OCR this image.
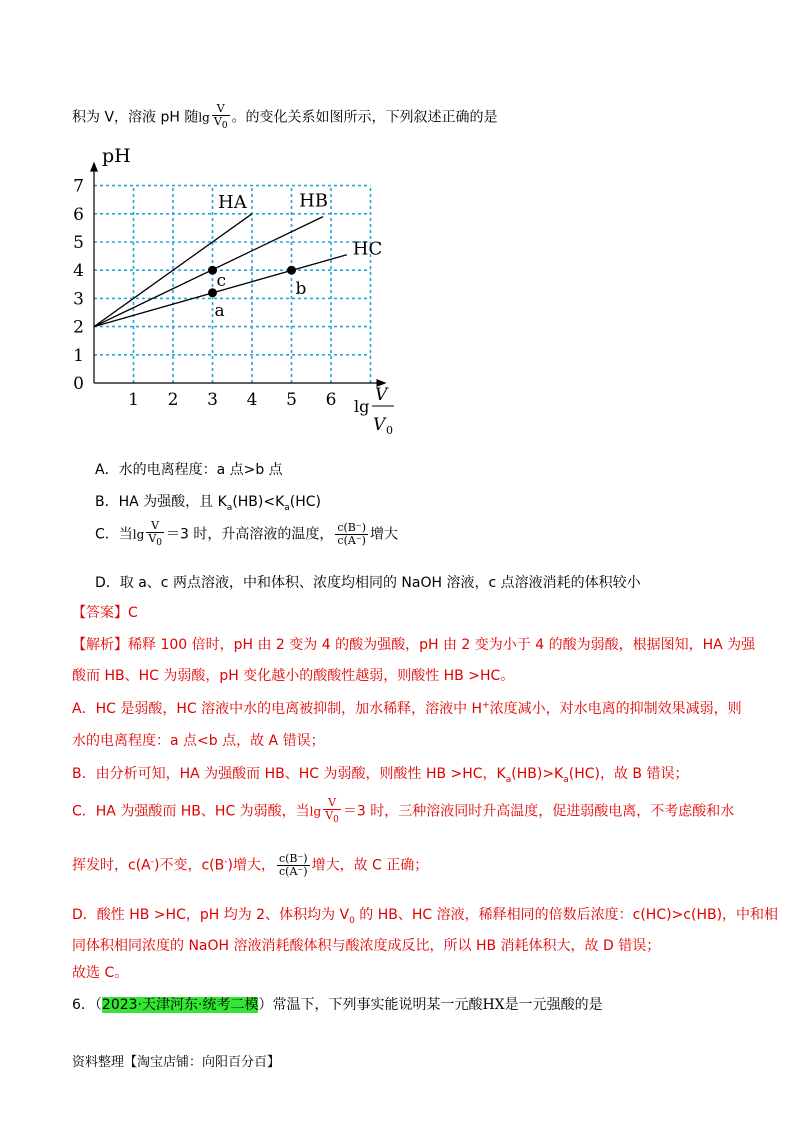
积为 V，溶液 pH 随$\lg \frac{V}{V_0}$ 。的变化关系如图所示，下列叙述正确的是
HA	HB
HC
c
a
b
1 2 3 4 5 6
0
1
2
3
4
5
6
7
pH
lg
V
V 0
A．水的电离程度：a 点>b 点
B．HA 为强酸，且 $K_a(HB)<K_a(HC)$
C．当$\lg \frac{V}{V_0} =3$ 时，升高溶液的温度， $\frac{c(B^-)}{c(A^-)}$ 增大
D．取 a、c 两点溶液，中和体积、浓度均相同的 NaOH 溶液，c 点溶液消耗的体积较小
【答案】C
【解析】稀释 100 倍时，pH 由 2 变为 4 的酸为强酸，pH 由 2 变为小于 4 的酸为弱酸，根据图知，HA 为强
酸而 HB、HC 为弱酸，pH 变化越小的酸酸性越弱，则酸性 HB >HC。
A．HC 是弱酸，HC 溶液中水的电离被抑制，加水稀释，溶液中 H+浓度减小，对水电离的抑制效果减弱，则
水的电离程度：a 点<b 点，故 A 错误；
B．由分析可知，HA 为强酸而 HB、HC 为弱酸，则酸性 HB >HC，$K_a(HB)>K_a(HC)$，故 B 错误；
C．HA 为强酸而 HB、HC 为弱酸，当$\lg \frac{V}{V_0} =3$ 时，三种溶液同时升高温度，促进弱酸电离，不考虑酸和水
挥发时，c(A-)不变，c(B-)增大， $\frac{c(B^-)}{c(A^-)}$ 增大，故 C 正确；
D．酸性 HB >HC，pH 均为 2、体积均为 $V_0$ 的 HB、HC 溶液，稀释相同的倍数后浓度：c(HC)>c(HB)，中和相
同体积相同浓度的 NaOH 溶液消耗酸体积与酸浓度成反比，所以 HB 消耗体积大，故 D 错误；
故选 C。
6．（2023·天津河东·统考二模）常温下，下列事实能说明某一元酸HX是一元强酸的是
资料整理【淘宝店铺：向阳百分百】
